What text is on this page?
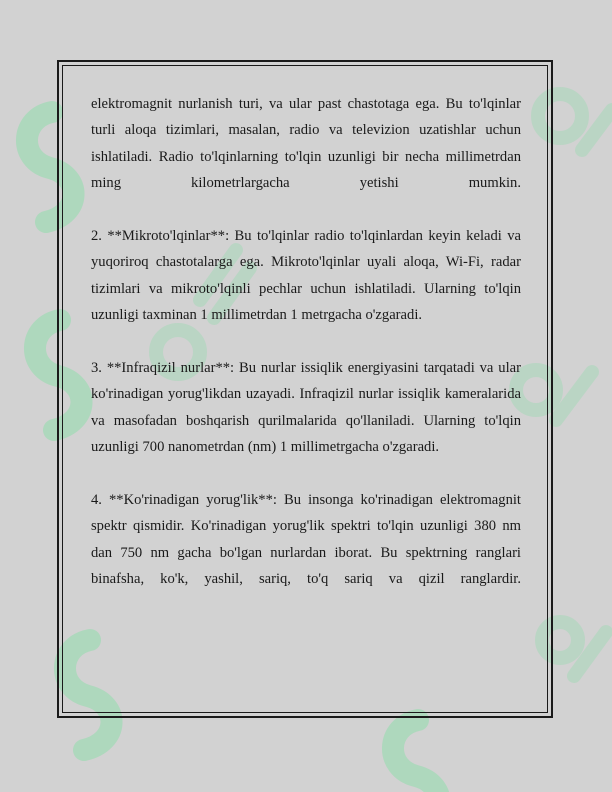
elektromagnit nurlanish turi, va ular past chastotaga ega. Bu to'lqinlar turli aloqa tizimlari, masalan, radio va televizion uzatishlar uchun ishlatiladi. Radio to'lqinlarning to'lqin uzunligi bir necha millimetrdan ming kilometrlargacha yetishi mumkin.

2. **Mikroto'lqinlar**: Bu to'lqinlar radio to'lqinlardan keyin keladi va yuqoriroq chastotalarga ega. Mikroto'lqinlar uyali aloqa, Wi-Fi, radar tizimlari va mikroto'lqinli pechlar uchun ishlatiladi. Ularning to'lqin uzunligi taxminan 1 millimetrdan 1 metrgacha o'zgaradi.

3. **Infraqizil nurlar**: Bu nurlar issiqlik energiyasini tarqatadi va ular ko'rinadigan yorug'likdan uzayadi. Infraqizil nurlar issiqlik kameralarida va masofadan boshqarish qurilmalarida qo'llaniladi. Ularning to'lqin uzunligi 700 nanometrdan (nm) 1 millimetrgacha o'zgaradi.

4. **Ko'rinadigan yorug'lik**: Bu insonga ko'rinadigan elektromagnit spektr qismidir. Ko'rinadigan yorug'lik spektri to'lqin uzunligi 380 nm dan 750 nm gacha bo'lgan nurlardan iborat. Bu spektrning ranglari binafsha, ko'k, yashil, sariq, to'q sariq va qizil ranglardir.
